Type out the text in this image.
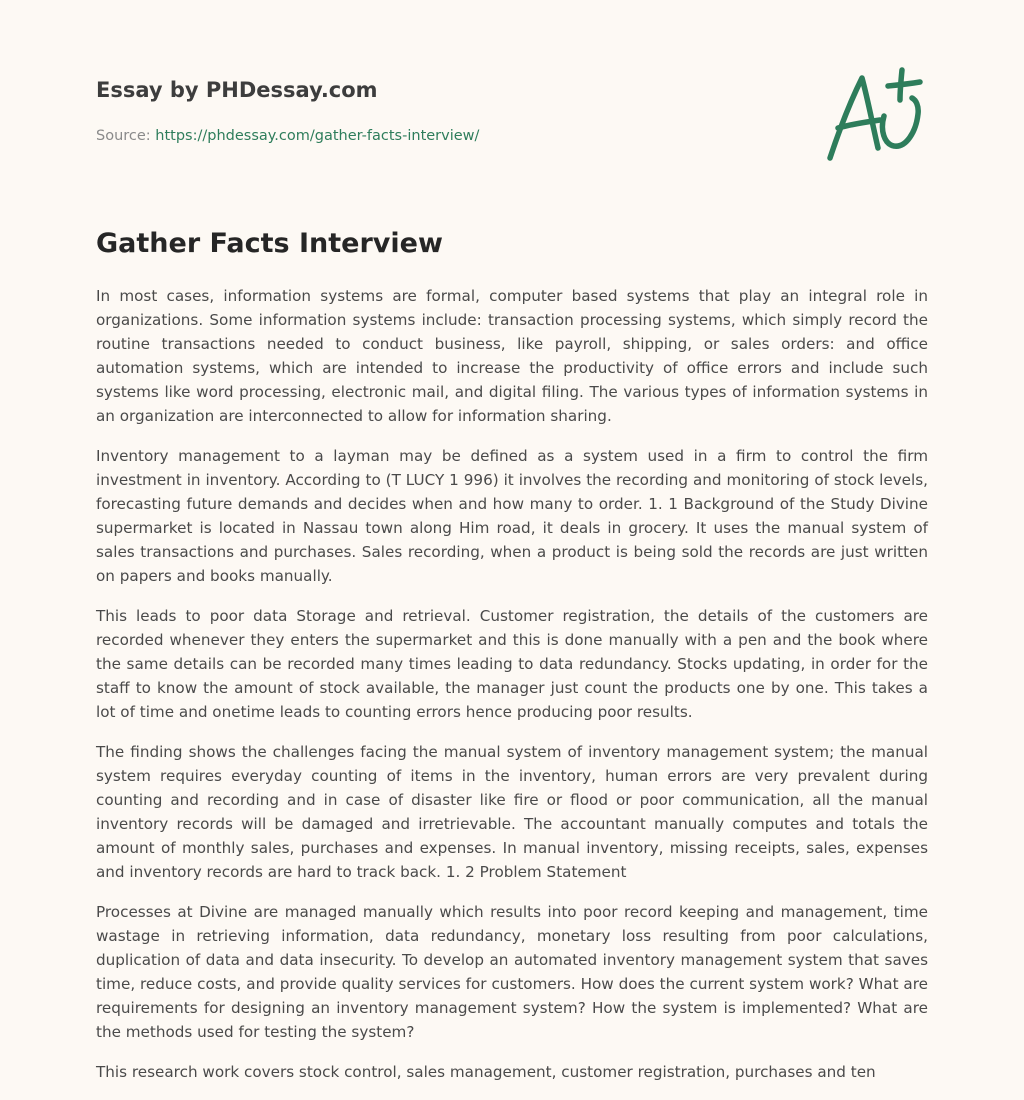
Essay by PHDessay.com
Source: https://phdessay.com/gather-facts-interview/
Gather Facts Interview

In most cases, information systems are formal, computer based systems that play an integral role in organizations. Some information systems include: transaction processing systems, which simply record the routine transactions needed to conduct business, like payroll, shipping, or sales orders: and office automation systems, which are intended to increase the productivity of office errors and include such systems like word processing, electronic mail, and digital filing. The various types of information systems in an organization are interconnected to allow for information sharing.

Inventory management to a layman may be defined as a system used in a firm to control the firm investment in inventory. According to (T LUCY 1 996) it involves the recording and monitoring of stock levels, forecasting future demands and decides when and how many to order. 1. 1 Background of the Study Divine supermarket is located in Nassau town along Him road, it deals in grocery. It uses the manual system of sales transactions and purchases. Sales recording, when a product is being sold the records are just written on papers and books manually.

This leads to poor data Storage and retrieval. Customer registration, the details of the customers are recorded whenever they enters the supermarket and this is done manually with a pen and the book where the same details can be recorded many times leading to data redundancy. Stocks updating, in order for the staff to know the amount of stock available, the manager just count the products one by one. This takes a lot of time and onetime leads to counting errors hence producing poor results.

The finding shows the challenges facing the manual system of inventory management system; the manual system requires everyday counting of items in the inventory, human errors are very prevalent during counting and recording and in case of disaster like fire or flood or poor communication, all the manual inventory records will be damaged and irretrievable. The accountant manually computes and totals the amount of monthly sales, purchases and expenses. In manual inventory, missing receipts, sales, expenses and inventory records are hard to track back. 1. 2 Problem Statement

Processes at Divine are managed manually which results into poor record keeping and management, time wastage in retrieving information, data redundancy, monetary loss resulting from poor calculations, duplication of data and data insecurity. To develop an automated inventory management system that saves time, reduce costs, and provide quality services for customers. How does the current system work? What are requirements for designing an inventory management system? How the system is implemented? What are the methods used for testing the system?

This research work covers stock control, sales management, customer registration, purchases and ten
